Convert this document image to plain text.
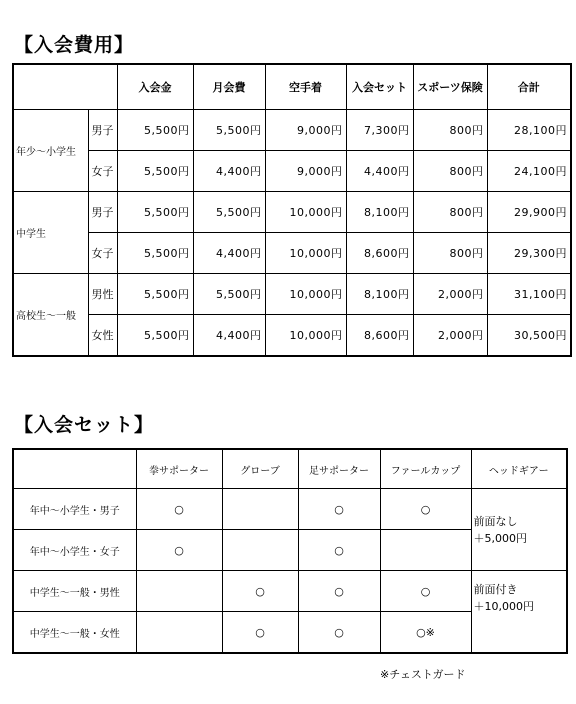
【入会費用】
		入会金	月会費	空手着	入会セット	スポーツ保険	合計
年少〜小学生	男子	5,500円	5,500円	9,000円	7,300円	800円	28,100円
	女子	5,500円	4,400円	9,000円	4,400円	800円	24,100円
中学生	男子	5,500円	5,500円	10,000円	8,100円	800円	29,900円
	女子	5,500円	4,400円	10,000円	8,600円	800円	29,300円
高校生〜一般	男性	5,500円	5,500円	10,000円	8,100円	2,000円	31,100円
	女性	5,500円	4,400円	10,000円	8,600円	2,000円	30,500円
【入会セット】
	拳サポーター	グローブ	足サポーター	ファールカップ	ヘッドギアー
年中〜小学生・男子	○		○	○	前面なし
＋5,000円

年中〜小学生・女子	○		○		
中学生〜一般・男性		○	○	○	前面付き
＋10,000円

中学生〜一般・女性		○	○	○※	
※チェストガード
